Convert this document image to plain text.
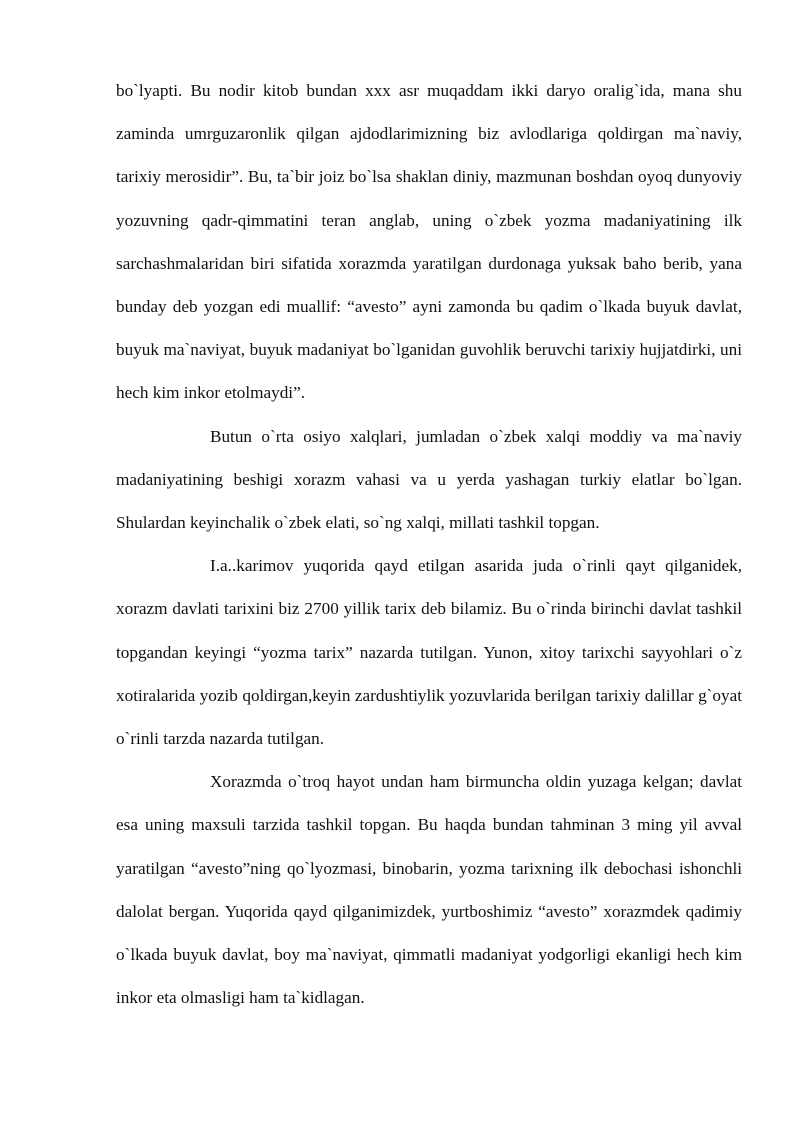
bo`lyapti. Bu nodir kitob bundan xxx asr muqaddam ikki daryo oralig`ida, mana shu zaminda umrguzaronlik qilgan ajdodlarimizning biz avlodlariga qoldirgan ma`naviy, tarixiy merosidir”. Bu, ta`bir joiz bo`lsa shaklan diniy, mazmunan boshdan oyoq dunyoviy yozuvning qadr-qimmatini teran anglab, uning o`zbek yozma madaniyatining ilk sarchashmalaridan biri sifatida xorazmda yaratilgan durdonaga yuksak baho berib, yana bunday deb yozgan edi muallif: “avesto” ayni zamonda bu qadim o`lkada buyuk davlat, buyuk ma`naviyat, buyuk madaniyat bo`lganidan guvohlik beruvchi tarixiy hujjatdirki, uni hech kim inkor etolmaydi”.

Butun o`rta osiyo xalqlari, jumladan o`zbek xalqi moddiy va ma`naviy madaniyatining beshigi xorazm vahasi va u yerda yashagan turkiy elatlar bo`lgan. Shulardan keyinchalik o`zbek elati, so`ng xalqi, millati tashkil topgan.

I.a..karimov yuqorida qayd etilgan asarida juda o`rinli qayt qilganidek, xorazm davlati tarixini biz 2700 yillik tarix deb bilamiz. Bu o`rinda birinchi davlat tashkil topgandan keyingi “yozma tarix” nazarda tutilgan. Yunon, xitoy tarixchi sayyohlari o`z xotiralarida yozib qoldirgan,keyin zardushtiylik yozuvlarida berilgan tarixiy dalillar g`oyat o`rinli tarzda nazarda tutilgan.

Xorazmda o`troq hayot undan ham birmuncha oldin yuzaga kelgan; davlat esa uning maxsuli tarzida tashkil topgan. Bu haqda bundan tahminan 3 ming yil avval yaratilgan “avesto”ning qo`lyozmasi, binobarin, yozma tarixning ilk debochasi ishonchli dalolat bergan. Yuqorida qayd qilganimizdek, yurtboshimiz “avesto” xorazmdek qadimiy o`lkada buyuk davlat, boy ma`naviyat, qimmatli madaniyat yodgorligi ekanligi hech kim inkor eta olmasligi ham ta`kidlagan.
